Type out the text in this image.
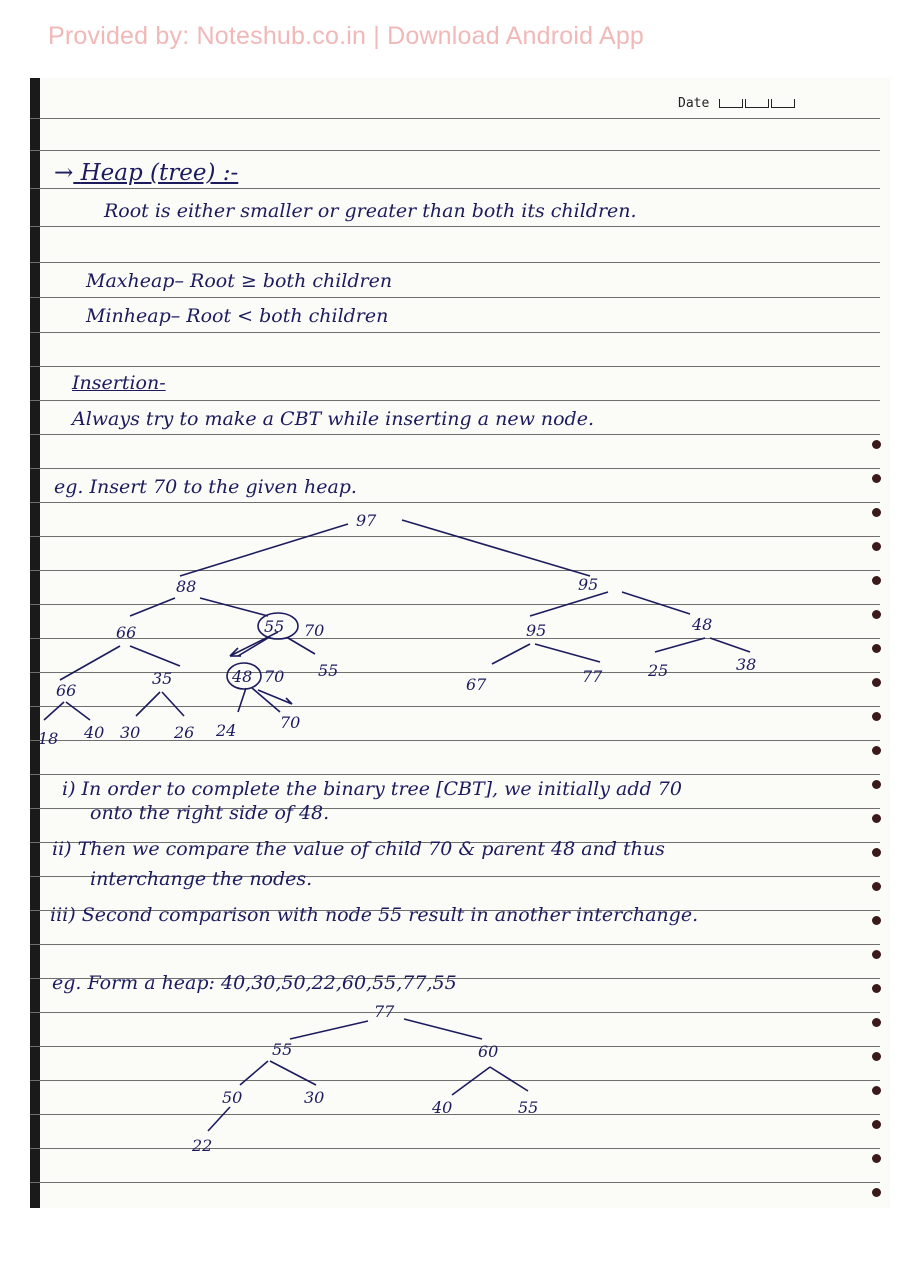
Provided by: Noteshub.co.in | Download Android App
Date
→ Heap (tree) :-
Root is either smaller or greater than both its children.
Maxheap– Root ≥ both children
Minheap– Root < both children
Insertion-
Always try to make a CBT while inserting a new node.
eg. Insert 70 to the given heap.
97
88	95
66	55 70	95	48
66
35	48 70 55
67	77	25	38
18 40 30 26 24	70
i) In order to complete the binary tree [CBT], we initially add 70
onto the right side of 48.
ii) Then we compare the value of child 70 & parent 48 and thus
interchange the nodes.
iii) Second comparison with node 55 result in another interchange.
eg. Form a heap: 40,30,50,22,60,55,77,55
77
55	60
50	30
40	55
22
